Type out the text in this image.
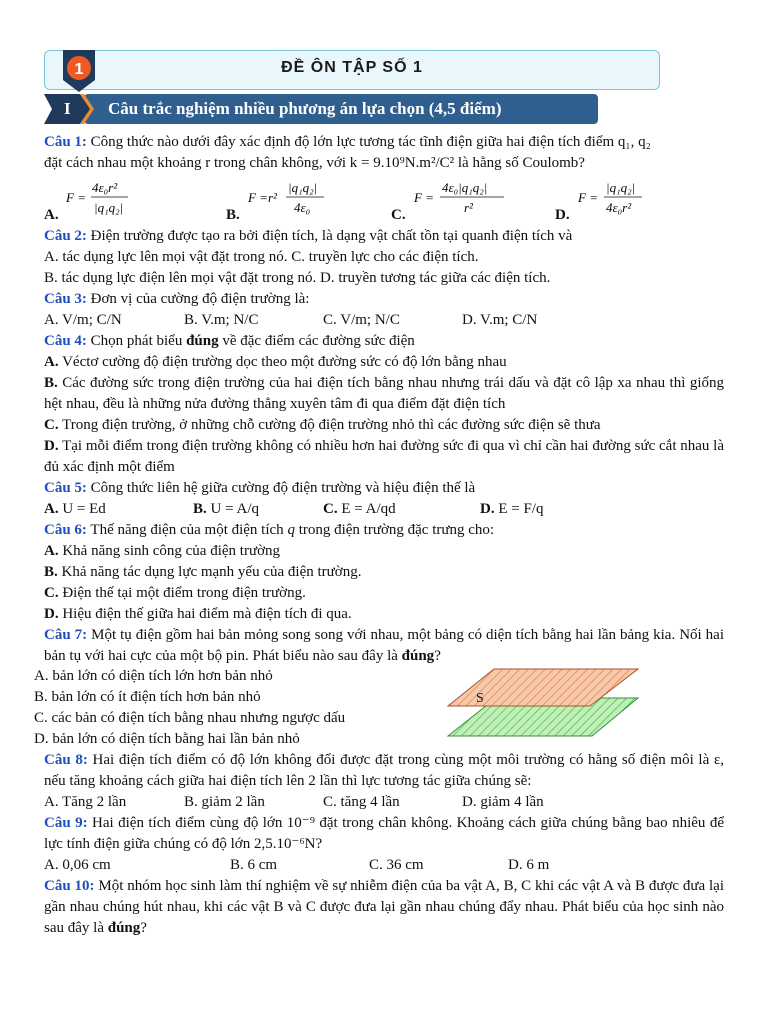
ĐỀ ÔN TẬP SỐ 1
1
I Câu trắc nghiệm nhiều phương án lựa chọn (4,5 điểm)
Câu 1: Công thức nào dưới đây xác định độ lớn lực tương tác tĩnh điện giữa hai điện tích điểm q₁, q₂
đặt cách nhau một khoảng r trong chân không, với k = 9.10⁹N.m²/C² là hằng số Coulomb?
A.
F =
4ε₀r²
|q₁q₂|	B.
F =r²
|q₁q₂|
4ε₀	C.
F =
4ε₀|q₁q₂|
r²	D.
F =
|q₁q₂|
4ε₀r²
Câu 2: Điện trường được tạo ra bởi điện tích, là dạng vật chất tồn tại quanh điện tích và
A. tác dụng lực lên mọi vật đặt trong nó. C. truyền lực cho các điện tích.
B. tác dụng lực điện lên mọi vật đặt trong nó. D. truyền tương tác giữa các điện tích.
Câu 3: Đơn vị của cường độ điện trường là:
A. V/m; C/N	B. V.m; N/C	C. V/m; N/C	D. V.m; C/N
Câu 4: Chọn phát biểu đúng về đặc điểm các đường sức điện
A. Véctơ cường độ điện trường dọc theo một đường sức có độ lớn bằng nhau
B. Các đường sức trong điện trường của hai điện tích bằng nhau nhưng trái dấu và đặt cô lập xa nhau thì giống hệt nhau, đều là những nửa đường thẳng xuyên tâm đi qua điểm đặt điện tích
C. Trong điện trường, ở những chỗ cường độ điện trường nhỏ thì các đường sức điện sẽ thưa
D. Tại mỗi điểm trong điện trường không có nhiều hơn hai đường sức đi qua vì chỉ cần hai đường sức cắt nhau là đủ xác định một điểm
Câu 5: Công thức liên hệ giữa cường độ điện trường và hiệu điện thế là
A. U = Ed	B. U = A/q	C. E = A/qd	D. E = F/q
Câu 6: Thế năng điện của một điện tích q trong điện trường đặc trưng cho:
A. Khả năng sinh công của điện trường
B. Khả năng tác dụng lực mạnh yếu của điện trường.
C. Điện thế tại một điểm trong điện trường.
D. Hiệu điện thế giữa hai điểm mà điện tích đi qua.
Câu 7: Một tụ điện gồm hai bản mỏng song song với nhau, một bảng có diện tích bằng hai lần bảng kia. Nối hai bản tụ với hai cực của một bộ pin. Phát biểu nào sau đây là đúng?
A. bản lớn có diện tích lớn hơn bản nhỏ
B. bản lớn có ít điện tích hơn bản nhỏ
C. các bản có điện tích bằng nhau nhưng ngược dấu
D. bản lớn có diện tích bằng hai lần bản nhỏ
S
Câu 8: Hai điện tích điểm có độ lớn không đổi được đặt trong cùng một môi trường có hằng số điện môi là ε, nếu tăng khoảng cách giữa hai điện tích lên 2 lần thì lực tương tác giữa chúng sẽ:
A. Tăng 2 lần	B. giảm 2 lần	C. tăng 4 lần	D. giảm 4 lần
Câu 9: Hai điện tích điểm cùng độ lớn 10⁻⁹ đặt trong chân không. Khoảng cách giữa chúng bằng bao nhiêu để lực tính điện giữa chúng có độ lớn 2,5.10⁻⁶N?
A. 0,06 cm	B. 6 cm	C. 36 cm	D. 6 m
Câu 10: Một nhóm học sinh làm thí nghiệm về sự nhiễm điện của ba vật A, B, C khi các vật A và B được đưa lại gần nhau chúng hút nhau, khi các vật B và C được đưa lại gần nhau chúng đẩy nhau. Phát biểu của học sinh nào sau đây là đúng?
